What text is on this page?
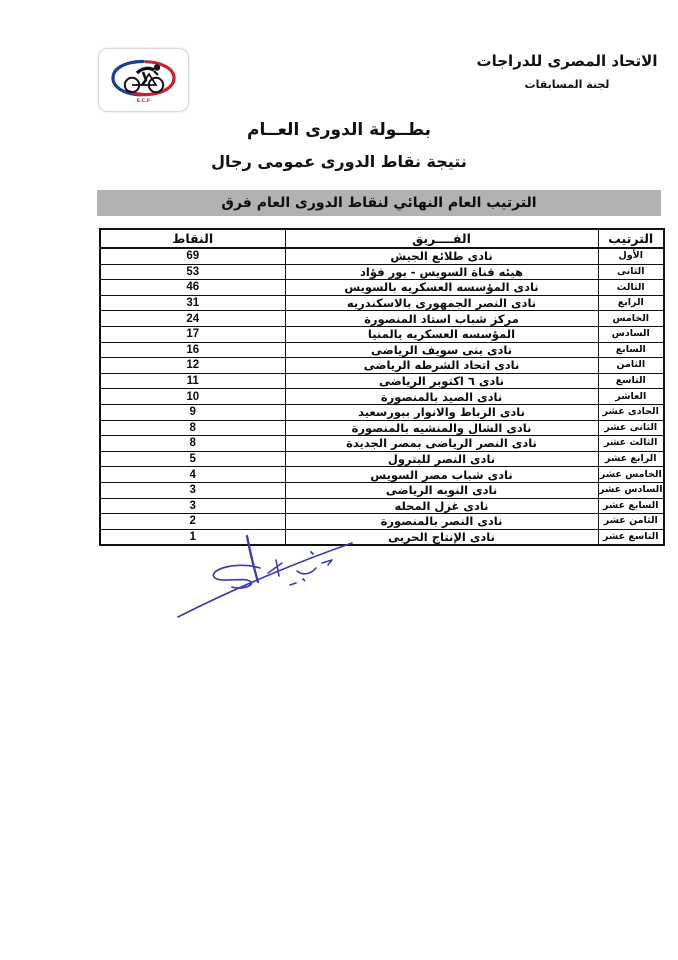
E.C.F
الاتحاد المصرى للدراجات
لجنة المسابقات
بطــولة الدورى العــام
نتيجة نقاط الدورى عمومى رجال
الترتيب العام النهائي لنقاط الدورى العام فرق
الترتيب	الفــــريق	النقاط
الأول	نادى طلائع الجيش	69
الثانى	هيئه قناة السويس - بور فؤاد	53
الثالث	نادى المؤسسه العسكريه بالسويس	46
الرابع	نادى النصر الجمهورى بالاسكندريه	31
الخامس	مركز شباب استاد المنصورة	24
السادس	المؤسسه العسكريه بالمنيا	17
السابع	نادى بنى سويف الرياضى	16
الثامن	نادى اتحاد الشرطه الرياضى	12
التاسع	نادى ٦ اكتوبر الرياضى	11
العاشر	نادى الصيد بالمنصورة	10
الحادى عشر	نادى الرباط والانوار ببورسعيد	9
الثانى عشر	نادى الشال والمنشيه بالمنصورة	8
الثالث عشر	نادى النصر الرياضى بمصر الجديدة	8
الرابع عشر	نادى النصر للبترول	5
الخامس عشر	نادى شباب مصر السويس	4
السادس عشر	نادى النوبه الرياضى	3
السابع عشر	نادى غزل المحله	3
الثامن عشر	نادى النصر بالمنصورة	2
التاسع عشر	نادى الإنتاج الحربى	1
